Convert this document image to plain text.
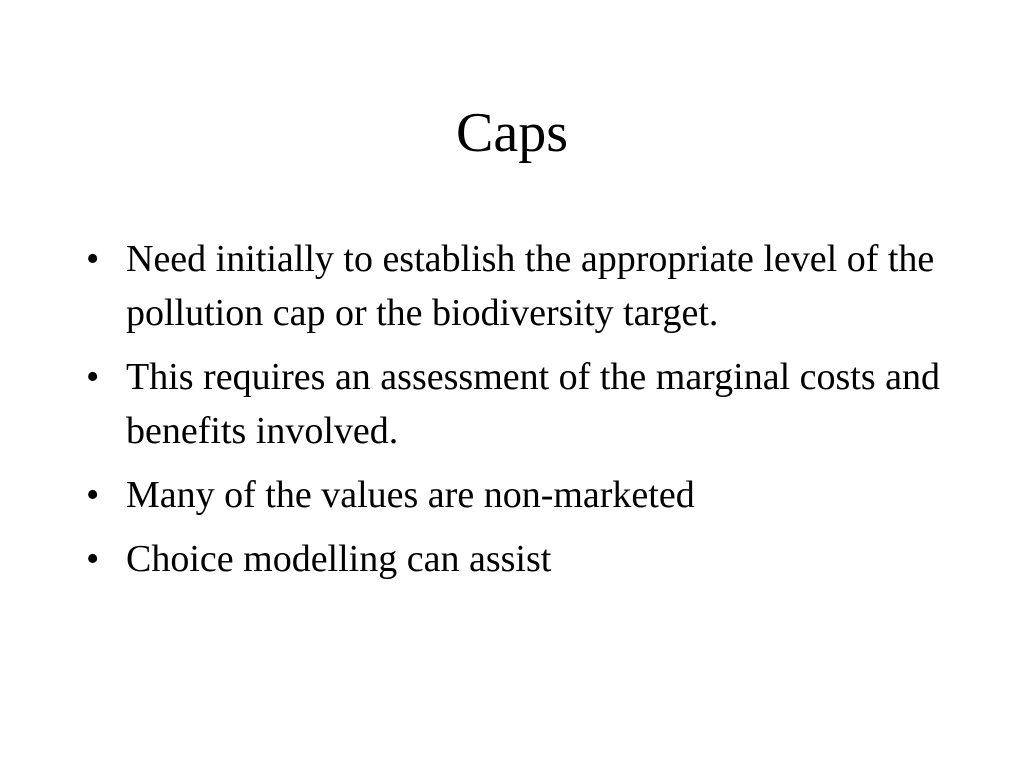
Caps
• Need initially to establish the appropriate level of the pollution cap or the biodiversity target.
• This requires an assessment of the marginal costs and benefits involved.
• Many of the values are non-marketed
• Choice modelling can assist
